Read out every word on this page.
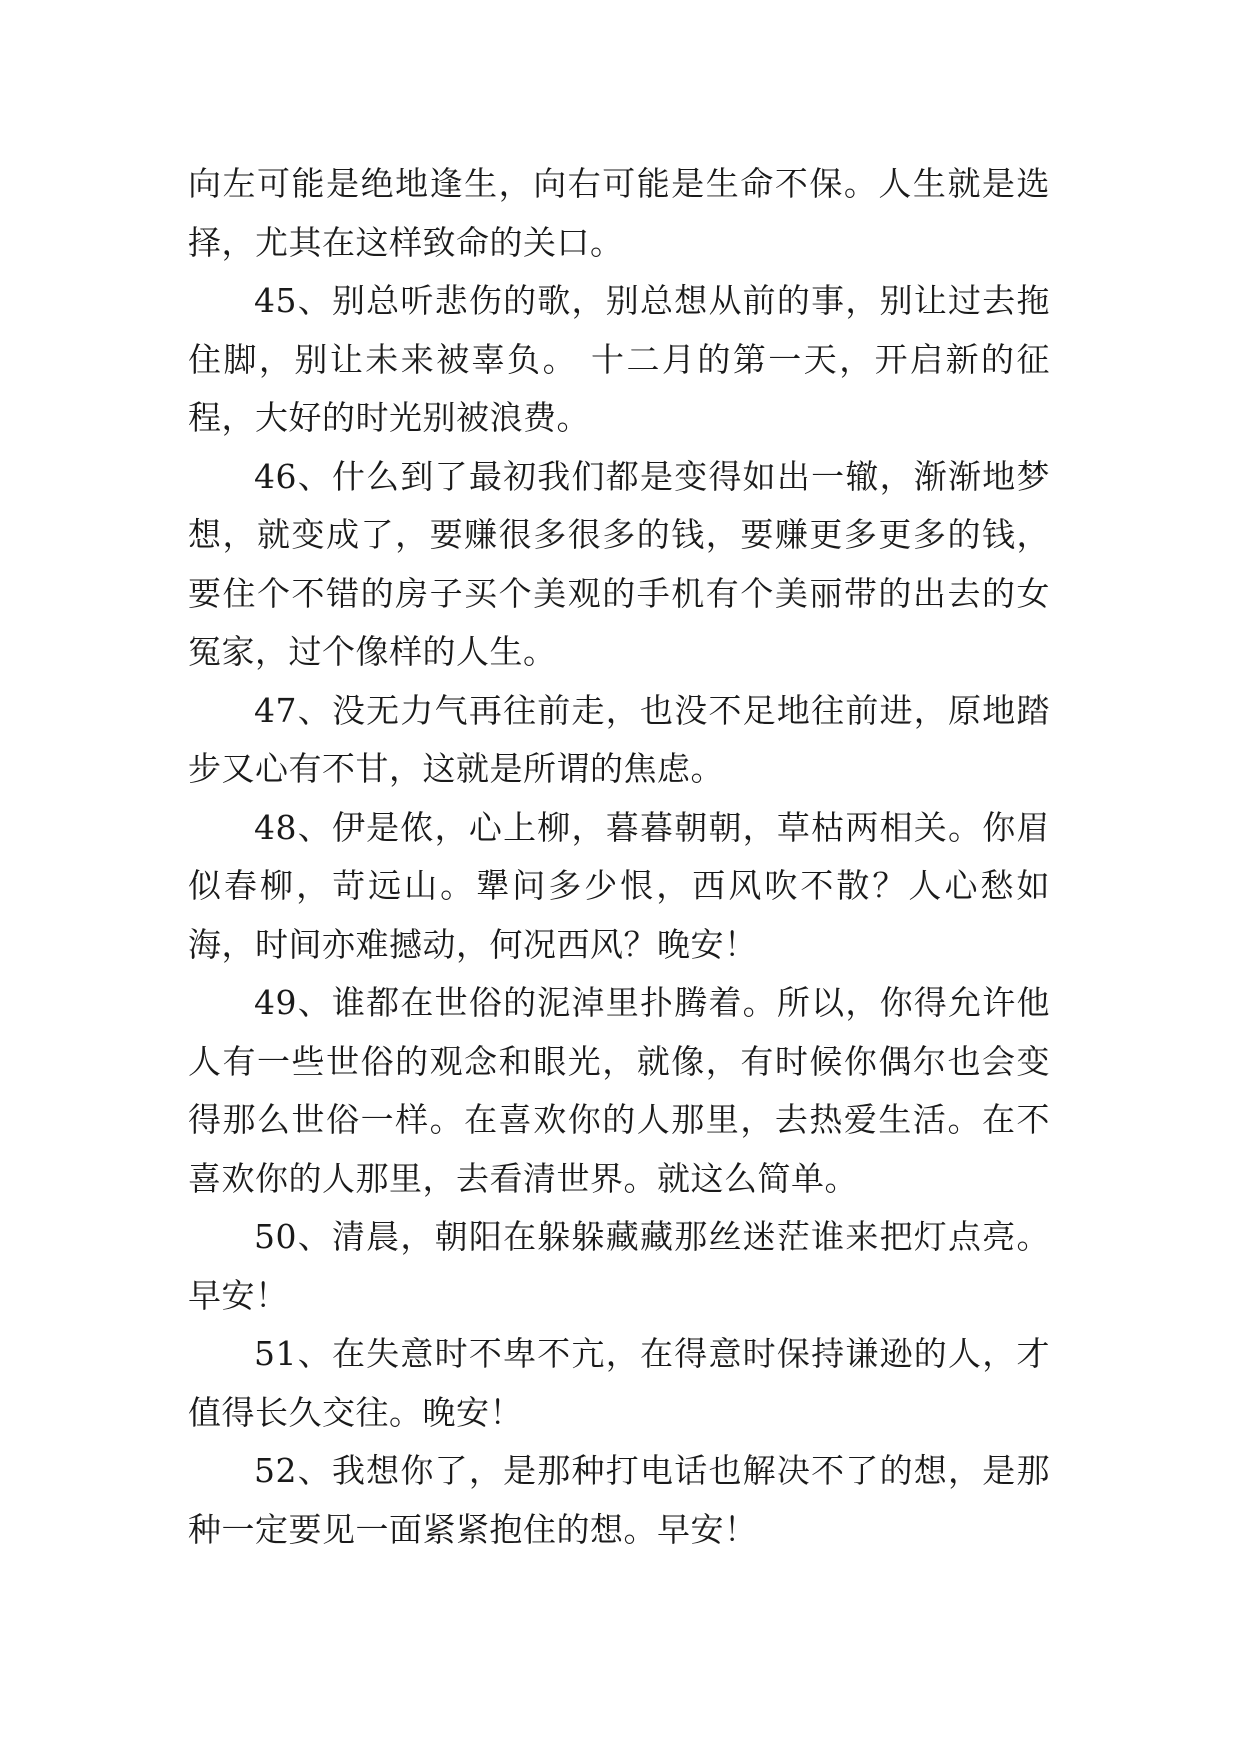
向左可能是绝地逢生，向右可能是生命不保。人生就是选择，尤其在这样致命的关口。

45、别总听悲伤的歌，别总想从前的事，别让过去拖住脚，别让未来被辜负。 十二月的第一天，开启新的征程，大好的时光别被浪费。

46、什么到了最初我们都是变得如出一辙，渐渐地梦想，就变成了，要赚很多很多的钱，要赚更多更多的钱，要住个不错的房子买个美观的手机有个美丽带的出去的女冤家，过个像样的人生。

47、没无力气再往前走，也没不足地往前进，原地踏步又心有不甘，这就是所谓的焦虑。

48、伊是侬，心上柳，暮暮朝朝，草枯两相关。你眉似春柳，苛远山。犟问多少恨，西风吹不散？人心愁如海，时间亦难撼动，何况西风？晚安！

49、谁都在世俗的泥淖里扑腾着。所以，你得允许他人有一些世俗的观念和眼光，就像，有时候你偶尔也会变得那么世俗一样。在喜欢你的人那里，去热爱生活。在不喜欢你的人那里，去看清世界。就这么简单。

50、清晨，朝阳在躲躲藏藏那丝迷茫谁来把灯点亮。早安！

51、在失意时不卑不亢，在得意时保持谦逊的人，才值得长久交往。晚安！

52、我想你了，是那种打电话也解决不了的想，是那种一定要见一面紧紧抱住的想。早安！
